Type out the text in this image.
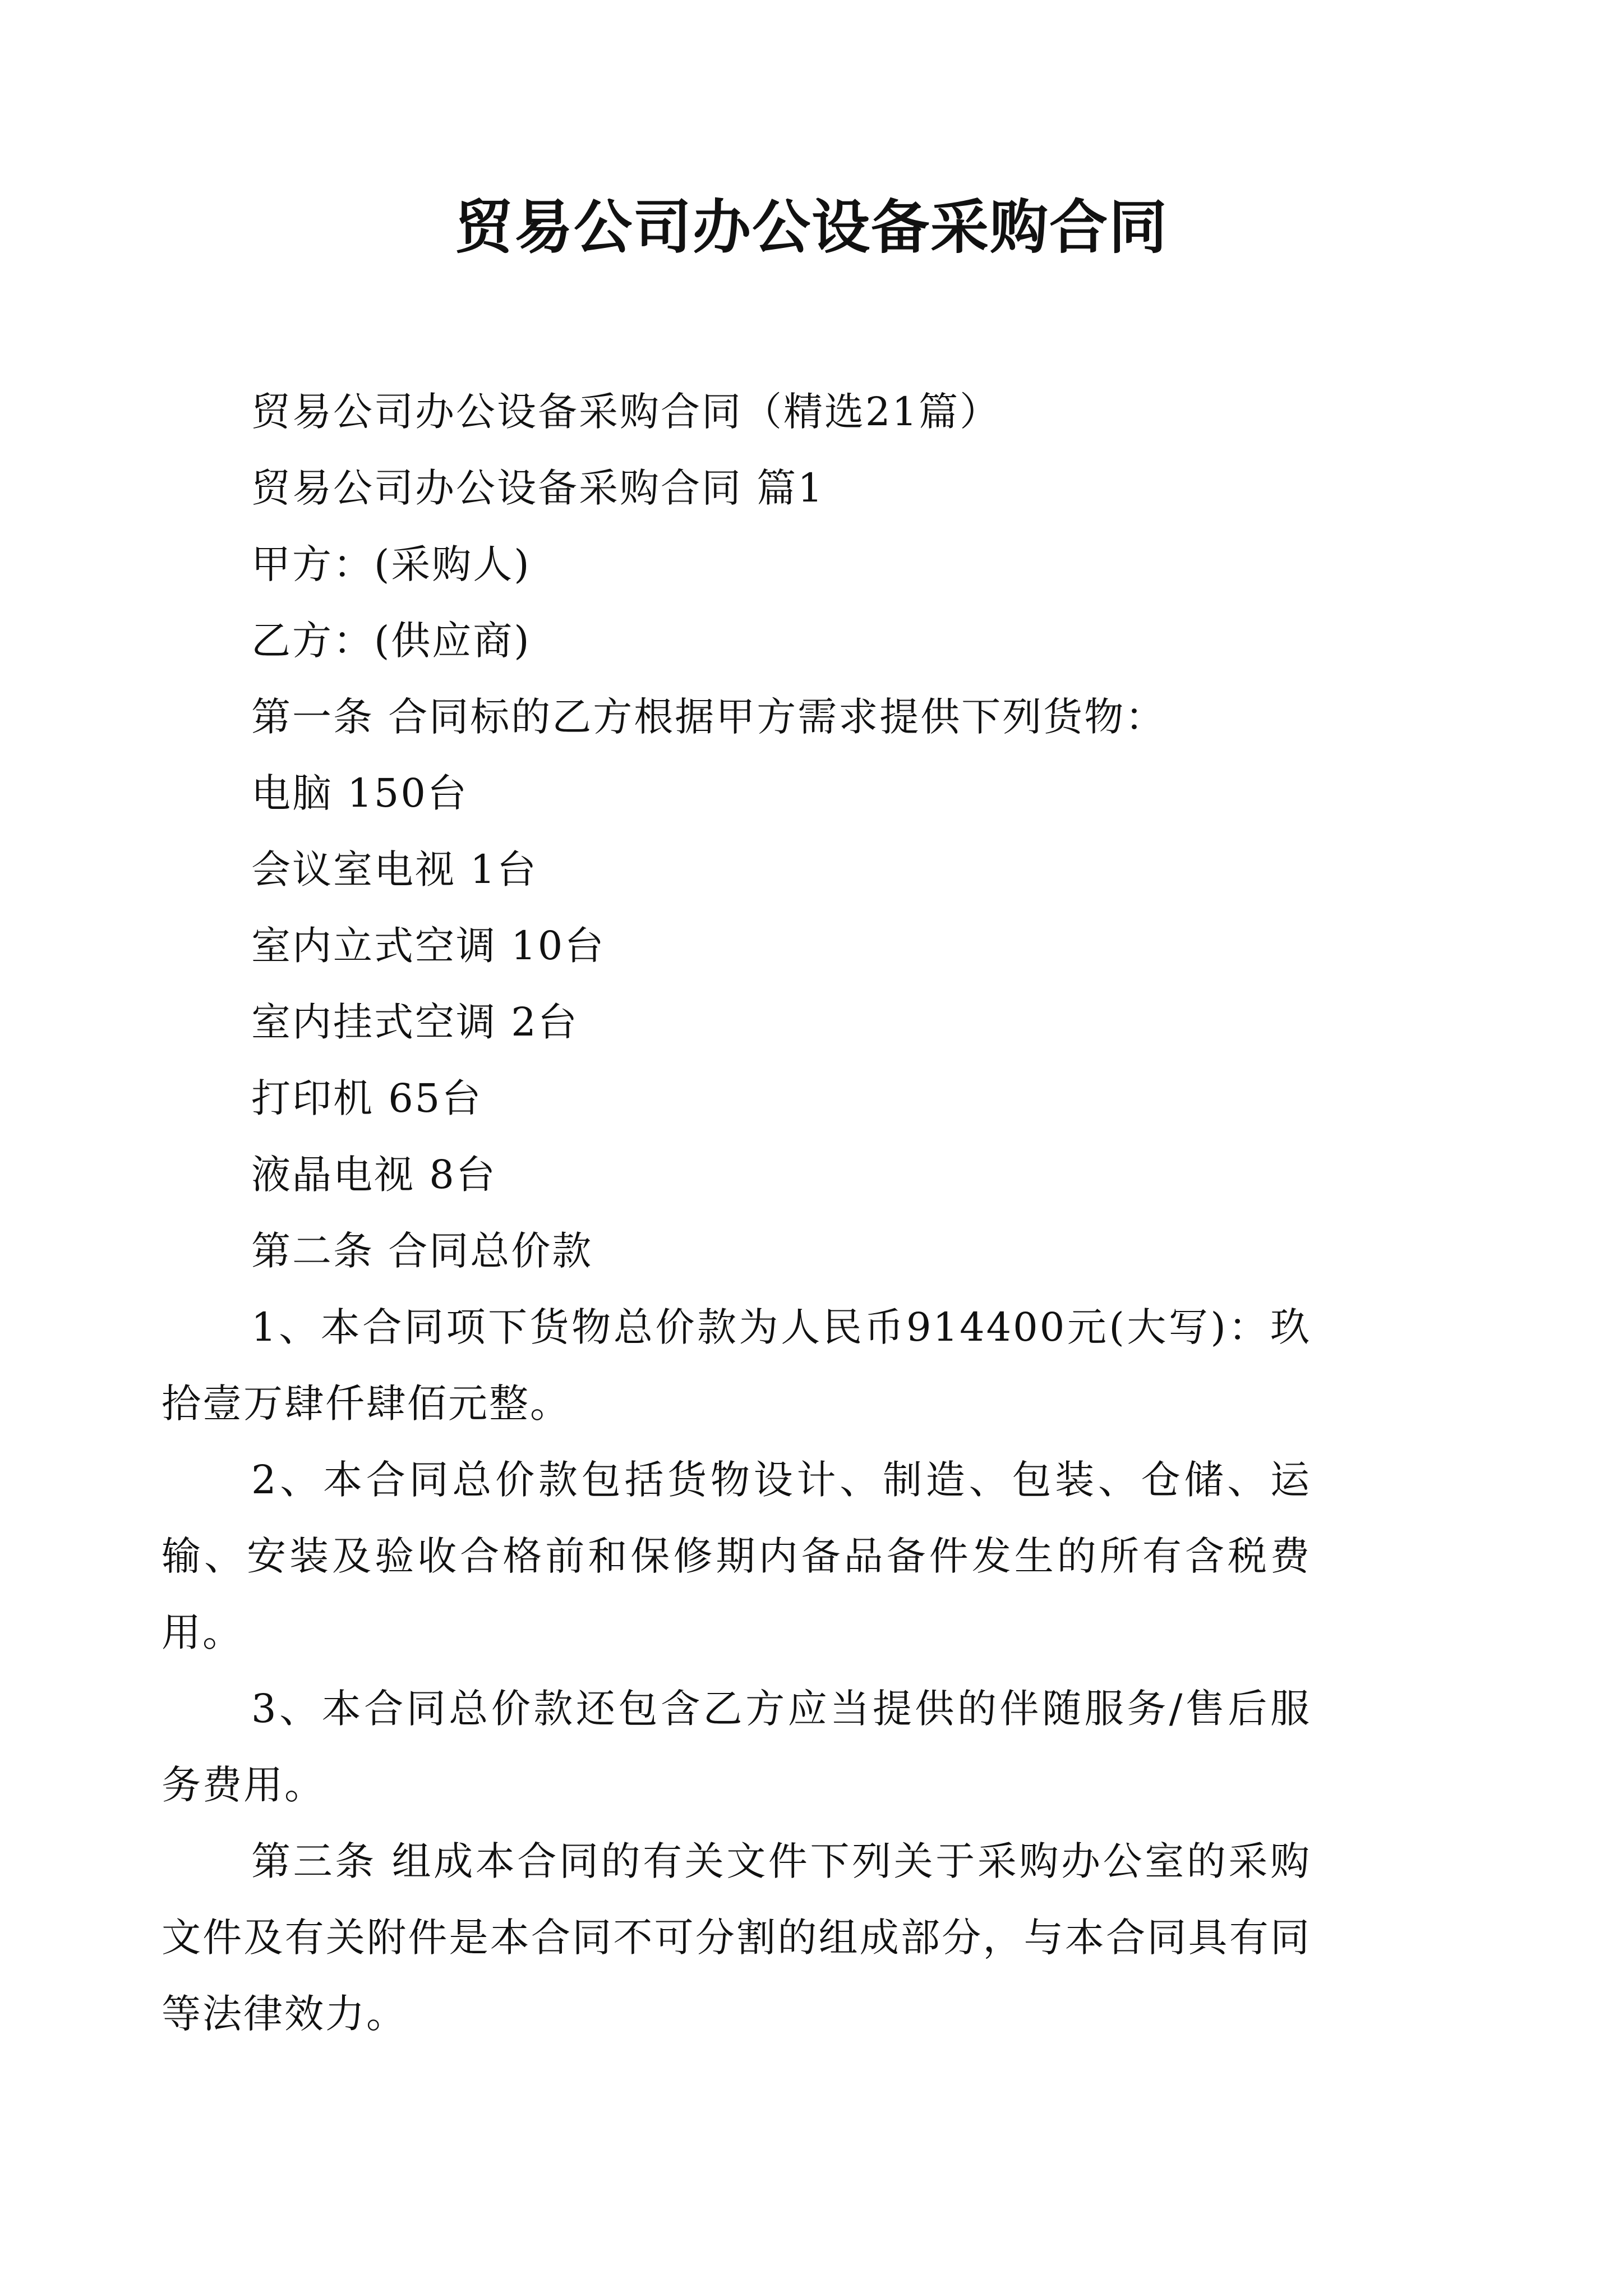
贸易公司办公设备采购合同

贸易公司办公设备采购合同（精选21篇）

贸易公司办公设备采购合同 篇1

甲方：(采购人)

乙方：(供应商)

第一条 合同标的乙方根据甲方需求提供下列货物：

电脑 150台

会议室电视 1台

室内立式空调 10台

室内挂式空调 2台

打印机 65台

液晶电视 8台

第二条 合同总价款

1、本合同项下货物总价款为人民币914400元(大写)：玖拾壹万肆仟肆佰元整。

2、本合同总价款包括货物设计、制造、包装、仓储、运输、安装及验收合格前和保修期内备品备件发生的所有含税费用。

3、本合同总价款还包含乙方应当提供的伴随服务/售后服务费用。

第三条 组成本合同的有关文件下列关于采购办公室的采购文件及有关附件是本合同不可分割的组成部分，与本合同具有同等法律效力。
